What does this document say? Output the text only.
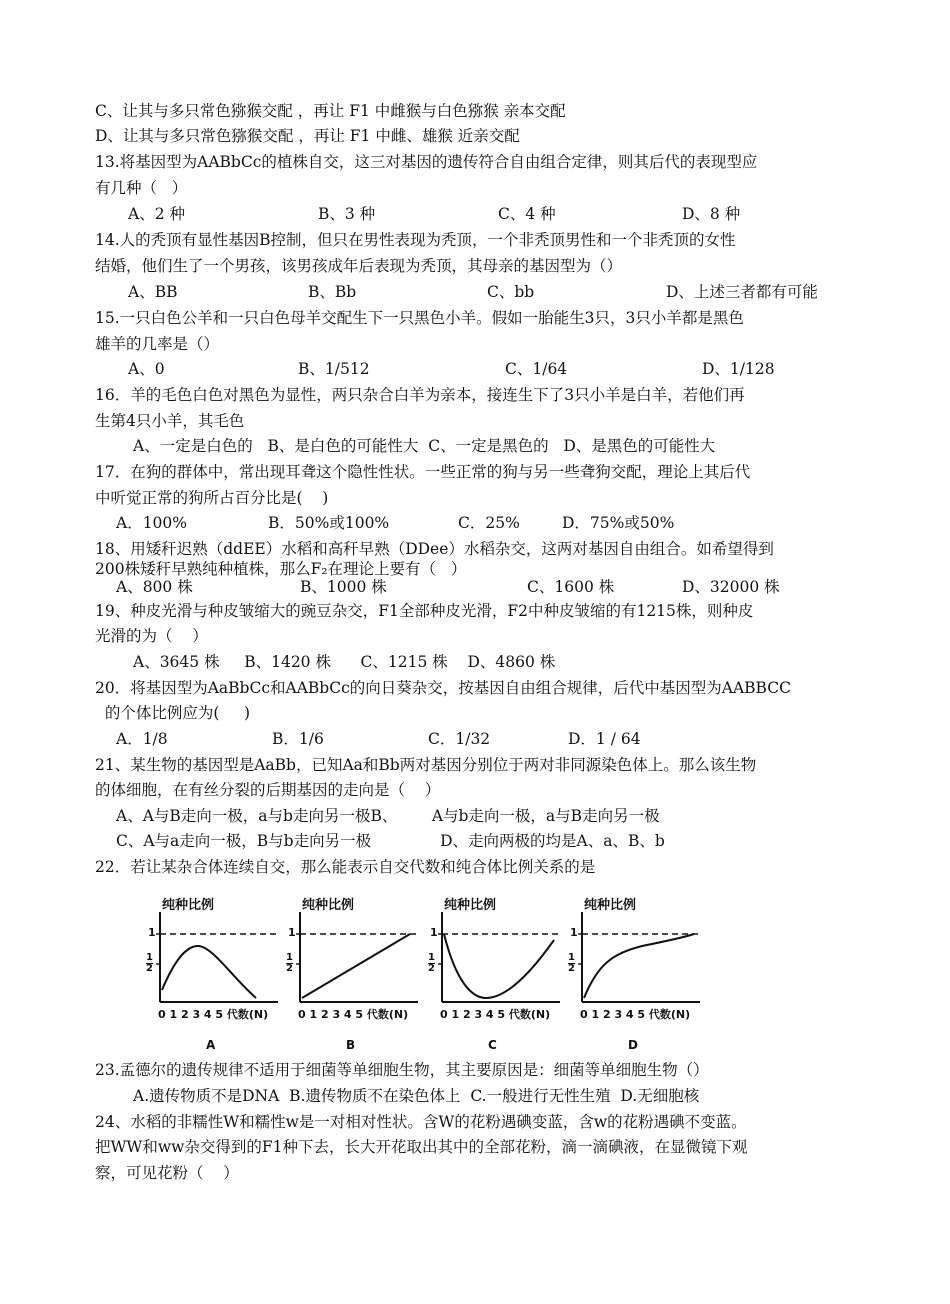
C、让其与多只常色猕猴交配 ，再让 F1 中雌猴与白色猕猴 亲本交配
D、让其与多只常色猕猴交配 ，再让 F1 中雌、雄猴 近亲交配
13.将基因型为AABbCc的植株自交，这三对基因的遗传符合自由组合定律，则其后代的表现型应
有几种（   ）
A、2 种	B、3 种	C、4 种	D、8 种
14.人的秃顶有显性基因B控制，但只在男性表现为秃顶，一个非秃顶男性和一个非秃顶的女性
结婚，他们生了一个男孩，该男孩成年后表现为秃顶，其母亲的基因型为（）
A、BB	B、Bb	C、bb	D、上述三者都有可能
15.一只白色公羊和一只白色母羊交配生下一只黑色小羊。假如一胎能生3只，3只小羊都是黑色
雄羊的几率是（）
A、0	B、1/512	C、1/64	D、1/128
16．羊的毛色白色对黑色为显性，两只杂合白羊为亲本，接连生下了3只小羊是白羊，若他们再
生第4只小羊，其毛色
A、一定是白色的   B、是白色的可能性大  C、一定是黑色的   D、是黑色的可能性大
17．在狗的群体中，常出现耳聋这个隐性性状。一些正常的狗与另一些聋狗交配，理论上其后代
中听觉正常的狗所占百分比是(    )
A．100%	B．50%或100%	C．25%	D．75%或50%
18、用矮秆迟熟（ddEE）水稻和高秆早熟（DDee）水稻杂交，这两对基因自由组合。如希望得到
200株矮秆早熟纯种植株，那么F₂在理论上要有（   ）
A、800 株	B、1000 株	C、1600 株	D、32000 株
19、种皮光滑与种皮皱缩大的豌豆杂交，F1全部种皮光滑，F2中种皮皱缩的有1215株，则种皮
光滑的为（    ）
A、3645 株     B、1420 株      C、1215 株    D、4860 株
20．将基因型为AaBbCc和AABbCc的向日葵杂交，按基因自由组合规律，后代中基因型为AABBCC
的个体比例应为(     )
A．1/8	B．1/6	C．1/32	D．1 / 64
21、某生物的基因型是AaBb，已知Aa和Bb两对基因分别位于两对非同源染色体上。那么该生物
的体细胞，在有丝分裂的后期基因的走向是（    ）
A、A与B走向一极，a与b走向另一极B、       A与b走向一极，a与B走向另一极
C、A与a走向一极，B与b走向另一极              D、走向两极的均是A、a、B、b
22．若让某杂合体连续自交，那么能表示自交代数和纯合体比例关系的是
纯种比例
1
$\frac{1}{2}$
0 1 2 3 4 5 代数(N)
A
纯种比例
1
$\frac{1}{2}$
0 1 2 3 4 5 代数(N)
B
纯种比例
1
$\frac{1}{2}$
0 1 2 3 4 5 代数(N)
C
纯种比例
1
$\frac{1}{2}$
0 1 2 3 4 5 代数(N)
D
23.孟德尔的遗传规律不适用于细菌等单细胞生物，其主要原因是：细菌等单细胞生物（）
A.遗传物质不是DNA  B.遗传物质不在染色体上  C.一般进行无性生殖  D.无细胞核
24、水稻的非糯性W和糯性w是一对相对性状。含W的花粉遇碘变蓝，含w的花粉遇碘不变蓝。
把WW和ww杂交得到的F1种下去，长大开花取出其中的全部花粉，滴一滴碘液，在显微镜下观
察，可见花粉（    ）
